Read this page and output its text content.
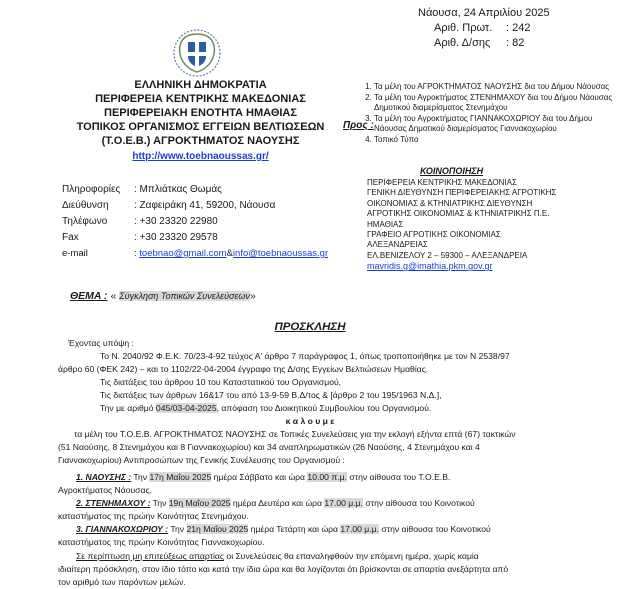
ΕΛΛΗΝΙΚΗ ΔΗΜΟΚΡΑΤΙΑ
ΠΕΡΙΦΕΡΕΙΑ ΚΕΝΤΡΙΚΗΣ ΜΑΚΕΔΟΝΙΑΣ
ΠΕΡΙΦΕΡΕΙΑΚΗ ΕΝΟΤΗΤΑ ΗΜΑΘΙΑΣ
ΤΟΠΙΚΟΣ ΟΡΓΑΝΙΣΜΟΣ ΕΓΓΕΙΩΝ ΒΕΛΤΙΩΣΕΩΝ
(Τ.Ο.Ε.Β.) ΑΓΡΟΚΤΗΜΑΤΟΣ ΝΑΟΥΣΗΣ
http://www.toebnaoussas.gr/
Πληροφορίες : Μπλιάτκας Θωμάς
Διεύθυνση	: Ζαφειράκη 41, 59200, Νάουσα
Τηλέφωνο	: +30 23320 22980
Fax	: +30 23320 29578
e-mail	: toebnao@gmail.com&info@toebnaoussas.gr
Νάουσα, 24 Απριλίου 2025
Αριθ. Πρωτ. : 242
Αριθ. Δ/σης : 82
Προς :
1. Τα μέλη του ΑΓΡΟΚΤΗΜΑΤΟΣ ΝΑΟΥΣΗΣ δια του Δήμου Νάουσας
2. Τα μέλη του Αγροκτήματος ΣΤΕΝΗΜΑΧΟΥ δια του Δήμου Νάουσας Δημοτικού διαμερίσματος Στενημάχου
3. Τα μέλη του Αγροκτήματος ΓΙΑΝΝΑΚΟΧΩΡΙΟΥ δια του Δήμου Νάουσας Δημοτικού διαμερίσματος Γιαννακοχωρίου
4. Τοπικό Τύπο
ΚΟΙΝΟΠΟΙΗΣΗ
ΠΕΡΙΦΕΡΕΙΑ ΚΕΝΤΡΙΚΗΣ ΜΑΚΕΔΟΝΙΑΣ
ΓΕΝΙΚΗ ΔΙΕΥΘΥΝΣΗ ΠΕΡΙΦΕΡΕΙΑΚΗΣ ΑΓΡΟΤΙΚΗΣ
ΟΙΚΟΝΟΜΙΑΣ & ΚΤΗΝΙΑΤΡΙΚΗΣ ΔΙΕΥΘΥΝΣΗ
ΑΓΡΟΤΙΚΗΣ ΟΙΚΟΝΟΜΙΑΣ & ΚΤΗΝΙΑΤΡΙΚΗΣ Π.Ε.
ΗΜΑΘΙΑΣ
ΓΡΑΦΕΙΟ ΑΓΡΟΤΙΚΗΣ ΟΙΚΟΝΟΜΙΑΣ
ΑΛΕΞΑΝΔΡΕΙΑΣ
ΕΛ.ΒΕΝΙΖΕΛΟΥ 2 – 59300 – ΑΛΕΞΑΝΔΡΕΙΑ
mavridis.g@imathia.pkm.gov.gr
ΘΕΜΑ : « Σύγκληση Τοπικών Συνελεύσεων»
ΠΡΟΣΚΛΗΣΗ
Έχοντας υπόψη :
Το Ν. 2040/92 Φ.Ε.Κ. 70/23-4-92 τεύχος Α' άρθρο 7 παράγραφος 1, όπως τροποποιήθηκε με τον Ν 2538/97
άρθρο 60 (ΦΕΚ 242) – και το 1102/22-04-2004 έγγραφο της Δ/σης Εγγείων Βελτιώσεων Ημαθίας.
Τις διατάξεις του άρθρου 10 του Καταστατικού του Οργανισμού,
Τις διατάξεις των άρθρων 16&17 του από 13-9-59 Β.Δ/τος & [άρθρο 2 του 195/1963 Ν.Δ.],
Την με αριθμό 045/03-04-2025, απόφαση του Διοικητικού Συμβουλίου του Οργανισμού.
κ α λ ο υ μ ε
τα μέλη του Τ.Ο.Ε.Β. ΑΓΡΟΚΤΗΜΑΤΟΣ ΝΑΟΥΣΗΣ σε Τοπικές Συνελεύσεις για την εκλογή εξήντα επτά (67) τακτικών
(51 Ναούσης, 8 Στενημάχου και 8 Γιαννακοχωρίου) και 34 αναπληρωματικών (26 Ναούσης, 4 Στενημάχου και 4
Γιαννακοχωρίου) Αντιπροσώπων της Γενικής Συνέλευσης του Οργανισμού :
1. ΝΑΟΥΣΗΣ : Την 17η Μαΐου 2025 ημέρα Σάββατο και ώρα 10.00 π.μ. στην αίθουσα του Τ.Ο.Ε.Β.
Αγροκτήματος Νάουσας.
2. ΣΤΕΝΗΜΑΧΟΥ : Την 19η Μαΐου 2025 ημέρα Δευτέρα και ώρα 17.00 μ.μ. στην αίθουσα του Κοινοτικού
καταστήματος της πρώην Κοινότητας Στενημάχου.
3. ΓΙΑΝΝΑΚΟΧΩΡΙΟΥ : Την 21η Μαΐου 2025 ημέρα Τετάρτη και ώρα 17.00 μ.μ. στην αίθουσα του Κοινοτικού
καταστήματος της πρώην Κοινότητας Γιαννακοχωρίου.
Σε περίπτωση μη επιτεύξεως απαρτίας οι Συνελεύσεις θα επαναληφθούν την επόμενη ημέρα, χωρίς καμία
ιδιαίτερη πρόσκληση, στον ίδιο τόπο και κατά την ίδια ώρα και θα λογίζονται ότι βρίσκονται σε απαρτία ανεξάρτητα από
τον αριθμό των παρόντων μελών.
